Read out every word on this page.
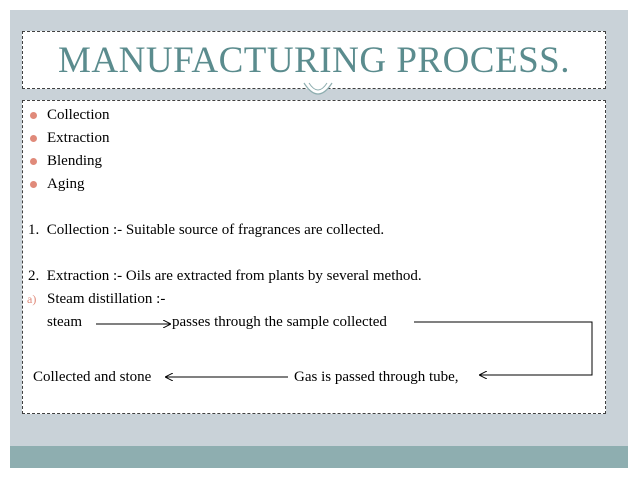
MANUFACTURING PROCESS.
Collection
Extraction
Blending
Aging
1.  Collection :- Suitable source of fragrances are collected.
2.  Extraction :- Oils are extracted from plants by several method.
a) Steam distillation :-
steam	passes through the sample collected
Gas is passed through tube,
Collected and stone
